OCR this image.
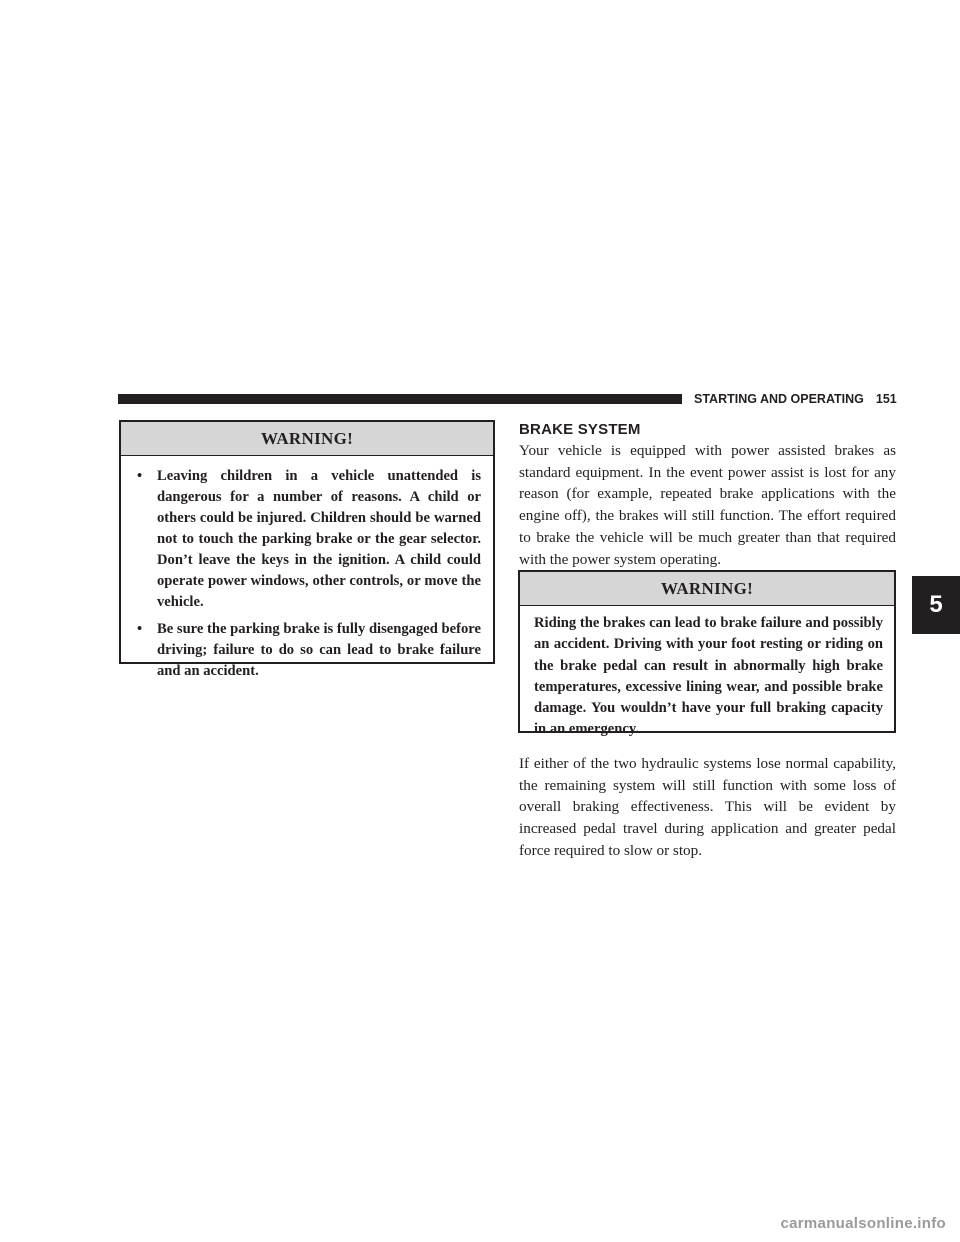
STARTING AND OPERATING 151
WARNING!
• Leaving children in a vehicle unattended is dangerous for a number of reasons. A child or others could be injured. Children should be warned not to touch the parking brake or the gear selector. Don’t leave the keys in the ignition. A child could operate power windows, other controls, or move the vehicle.
• Be sure the parking brake is fully disengaged before driving; failure to do so can lead to brake failure and an accident.
BRAKE SYSTEM

Your vehicle is equipped with power assisted brakes as standard equipment. In the event power assist is lost for any reason (for example, repeated brake applications with the engine off), the brakes will still function. The effort required to brake the vehicle will be much greater than that required with the power system operating.

WARNING!

Riding the brakes can lead to brake failure and possibly an accident. Driving with your foot resting or riding on the brake pedal can result in abnormally high brake temperatures, excessive lining wear, and possible brake damage. You wouldn’t have your full braking capacity in an emergency.

If either of the two hydraulic systems lose normal capability, the remaining system will still function with some loss of overall braking effectiveness. This will be evident by increased pedal travel during application and greater pedal force required to slow or stop.

5
carmanualsonline.info
